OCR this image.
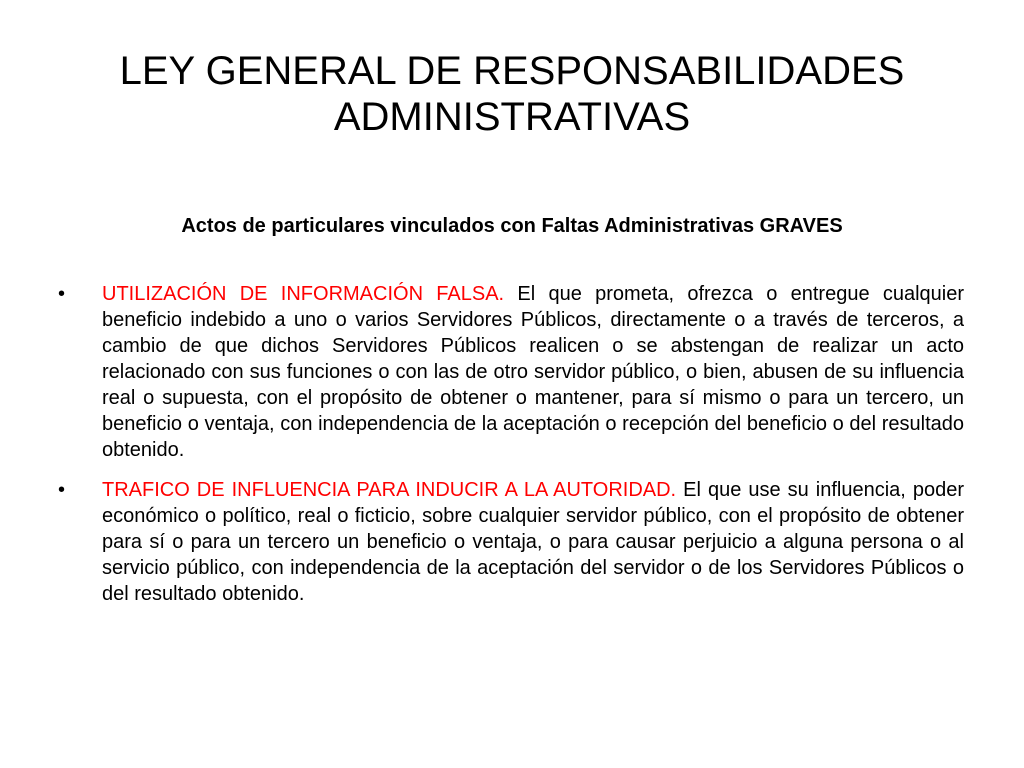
LEY GENERAL DE RESPONSABILIDADES
ADMINISTRATIVAS
Actos de particulares vinculados con Faltas Administrativas GRAVES
•	UTILIZACIÓN DE INFORMACIÓN FALSA. El que prometa, ofrezca o entregue cualquier beneficio indebido a uno o varios Servidores Públicos, directamente o a través de terceros, a cambio de que dichos Servidores Públicos realicen o se abstengan de realizar un acto relacionado con sus funciones o con las de otro servidor público, o bien, abusen de su influencia real o supuesta, con el propósito de obtener o mantener, para sí mismo o para un tercero, un beneficio o ventaja, con independencia de la aceptación o recepción del beneficio o del resultado obtenido.
•	TRAFICO DE INFLUENCIA PARA INDUCIR A LA AUTORIDAD. El que use su influencia, poder económico o político, real o ficticio, sobre cualquier servidor público, con el propósito de obtener para sí o para un tercero un beneficio o ventaja, o para causar perjuicio a alguna persona o al servicio público, con independencia de la aceptación del servidor o de los Servidores Públicos o del resultado obtenido.
